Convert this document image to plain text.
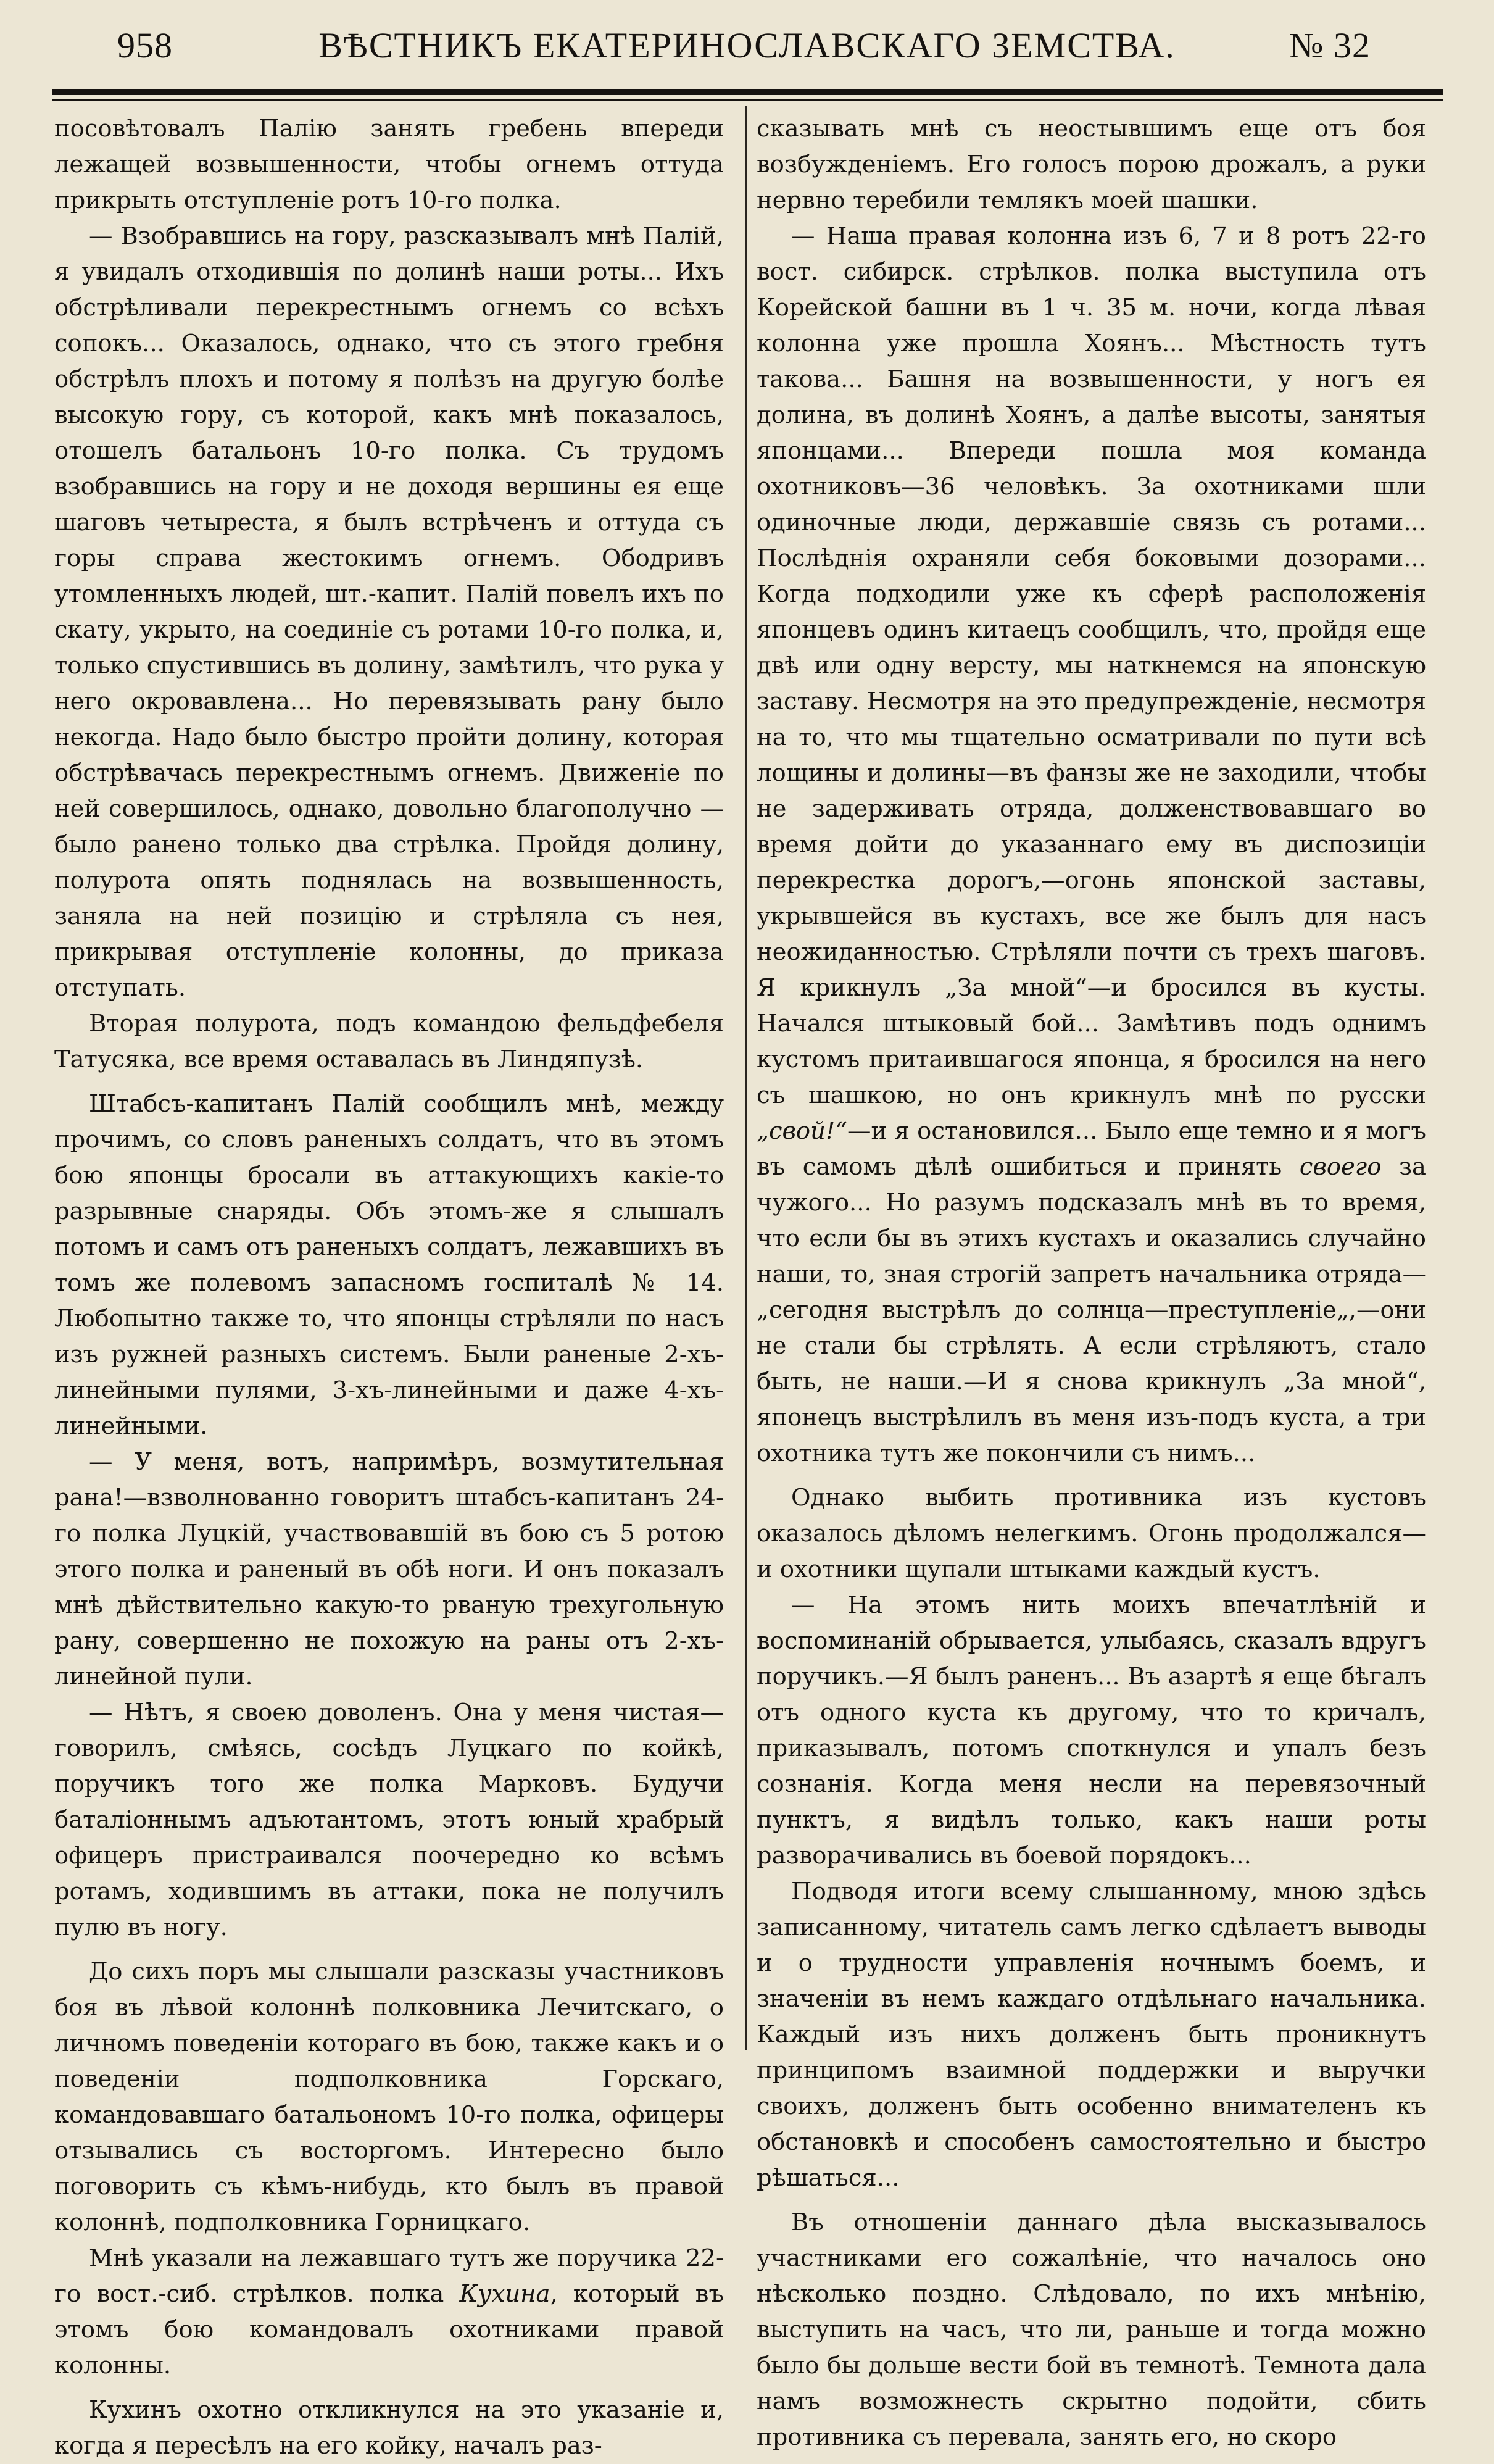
958	ВѢСТНИКЪ ЕКАТЕРИНОСЛАВСКАГО ЗЕМСТВА.	№ 32

посовѣтовалъ Палію занять гребень впереди лежащей возвышенности, чтобы огнемъ оттуда прикрыть отступленіе ротъ 10-го полка.

— Взобравшись на гору, разсказывалъ мнѣ Палій, я увидалъ отходившія по долинѣ наши роты... Ихъ обстрѣливали перекрестнымъ огнемъ со всѣхъ сопокъ... Оказалось, однако, что съ этого гребня обстрѣлъ плохъ и потому я полѣзъ на другую болѣе высокую гору, съ которой, какъ мнѣ показалось, отошелъ батальонъ 10-го полка. Съ трудомъ взобравшись на гору и не доходя вершины ея еще шаговъ четыреста, я былъ встрѣченъ и оттуда съ горы справа жестокимъ огнемъ. Ободривъ утомленныхъ людей, шт.-капит. Палій повелъ ихъ по скату, укрыто, на соединіе съ ротами 10-го полка, и, только спустившись въ долину, замѣтилъ, что рука у него окровавлена... Но перевязывать рану было некогда. Надо было быстро пройти долину, которая обстрѣвачась перекрестнымъ огнемъ. Движеніе по ней совершилось, однако, довольно благополучно — было ранено только два стрѣлка. Пройдя долину, полурота опять поднялась на возвышенность, заняла на ней позицію и стрѣляла съ нея, прикрывая отступленіе колонны, до приказа отступать.

Вторая полурота, подъ командою фельдфебеля Татусяка, все время оставалась въ Линдяпузѣ.

Штабсъ-капитанъ Палій сообщилъ мнѣ, между прочимъ, со словъ раненыхъ солдатъ, что въ этомъ бою японцы бросали въ аттакующихъ какіе-то разрывные снаряды. Объ этомъ-же я слышалъ потомъ и самъ отъ раненыхъ солдатъ, лежавшихъ въ томъ же полевомъ запасномъ госпиталѣ № 14. Любопытно также то, что японцы стрѣляли по насъ изъ ружней разныхъ системъ. Были раненые 2-хъ-линейными пулями, 3-хъ-линейными и даже 4-хъ-линейными.

— У меня, вотъ, напримѣръ, возмутительная рана!—взволнованно говоритъ штабсъ-капитанъ 24-го полка Луцкій, участвовавшій въ бою съ 5 ротою этого полка и раненый въ обѣ ноги. И онъ показалъ мнѣ дѣйствительно какую-то рваную трехугольную рану, совершенно не похожую на раны отъ 2-хъ-линейной пули.

— Нѣтъ, я своею доволенъ. Она у меня чистая—говорилъ, смѣясь, сосѣдъ Луцкаго по койкѣ, поручикъ того же полка Марковъ. Будучи баталіоннымъ адъютантомъ, этотъ юный храбрый офицеръ пристраивался поочередно ко всѣмъ ротамъ, ходившимъ въ аттаки, пока не получилъ пулю въ ногу.

До сихъ поръ мы слышали разсказы участниковъ боя въ лѣвой колоннѣ полковника Лечитскаго, о личномъ поведеніи котораго въ бою, также какъ и о поведеніи подполковника Горскаго, командовавшаго батальономъ 10-го полка, офицеры отзывались съ восторгомъ. Интересно было поговорить съ кѣмъ-нибудь, кто былъ въ правой колоннѣ, подполковника Горницкаго.

Мнѣ указали на лежавшаго тутъ же поручика 22-го вост.-сиб. стрѣлков. полка Кухина, который въ этомъ бою командовалъ охотниками правой колонны.

Кухинъ охотно откликнулся на это указаніе и, когда я пересѣлъ на его койку, началъ раз-

сказывать мнѣ съ неостывшимъ еще отъ боя возбужденіемъ. Его голосъ порою дрожалъ, а руки нервно теребили темлякъ моей шашки.

— Наша правая колонна изъ 6, 7 и 8 ротъ 22-го вост. сибирск. стрѣлков. полка выступила отъ Корейской башни въ 1 ч. 35 м. ночи, когда лѣвая колонна уже прошла Хоянъ... Мѣстность тутъ такова... Башня на возвышенности, у ногъ ея долина, въ долинѣ Хоянъ, а далѣе высоты, занятыя японцами... Впереди пошла моя команда охотниковъ—36 человѣкъ. За охотниками шли одиночные люди, державшіе связь съ ротами... Послѣднія охраняли себя боковыми дозорами... Когда подходили уже къ сферѣ расположенія японцевъ одинъ китаецъ сообщилъ, что, пройдя еще двѣ или одну версту, мы наткнемся на японскую заставу. Несмотря на это предупрежденіе, несмотря на то, что мы тщательно осматривали по пути всѣ лощины и долины—въ фанзы же не заходили, чтобы не задерживать отряда, долженствовавшаго во время дойти до указаннаго ему въ диспозиціи перекрестка дорогъ,—огонь японской заставы, укрывшейся въ кустахъ, все же былъ для насъ неожиданностью. Стрѣляли почти съ трехъ шаговъ. Я крикнулъ „За мной“—и бросился въ кусты. Начался штыковый бой... Замѣтивъ подъ однимъ кустомъ притаившагося японца, я бросился на него съ шашкою, но онъ крикнулъ мнѣ по русски „свой!“—и я остановился... Было еще темно и я могъ въ самомъ дѣлѣ ошибиться и принять своего за чужого... Но разумъ подсказалъ мнѣ въ то время, что если бы въ этихъ кустахъ и оказались случайно наши, то, зная строгій запретъ начальника отряда—„сегодня выстрѣлъ до солнца—преступленіе„,—они не стали бы стрѣлять. А если стрѣляютъ, стало быть, не наши.—И я снова крикнулъ „За мной“, японецъ выстрѣлилъ въ меня изъ-подъ куста, а три охотника тутъ же покончили съ нимъ...

Однако выбить противника изъ кустовъ оказалось дѣломъ нелегкимъ. Огонь продолжался—и охотники щупали штыками каждый кустъ.

— На этомъ нить моихъ впечатлѣній и воспоминаній обрывается, улыбаясь, сказалъ вдругъ поручикъ.—Я былъ раненъ... Въ азартѣ я еще бѣгалъ отъ одного куста къ другому, что то кричалъ, приказывалъ, потомъ споткнулся и упалъ безъ сознанія. Когда меня несли на перевязочный пунктъ, я видѣлъ только, какъ наши роты разворачивались въ боевой порядокъ...

Подводя итоги всему слышанному, мною здѣсь записанному, читатель самъ легко сдѣлаетъ выводы и о трудности управленія ночнымъ боемъ, и значеніи въ немъ каждаго отдѣльнаго начальника. Каждый изъ нихъ долженъ быть проникнутъ принципомъ взаимной поддержки и выручки своихъ, долженъ быть особенно внимателенъ къ обстановкѣ и способенъ самостоятельно и быстро рѣшаться...

Въ отношеніи даннаго дѣла высказывалось участниками его сожалѣніе, что началось оно нѣсколько поздно. Слѣдовало, по ихъ мнѣнію, выступить на часъ, что ли, раньше и тогда можно было бы дольше вести бой въ темнотѣ. Темнота дала намъ возможнесть скрытно подойти, сбить противника съ перевала, занять его, но скоро
